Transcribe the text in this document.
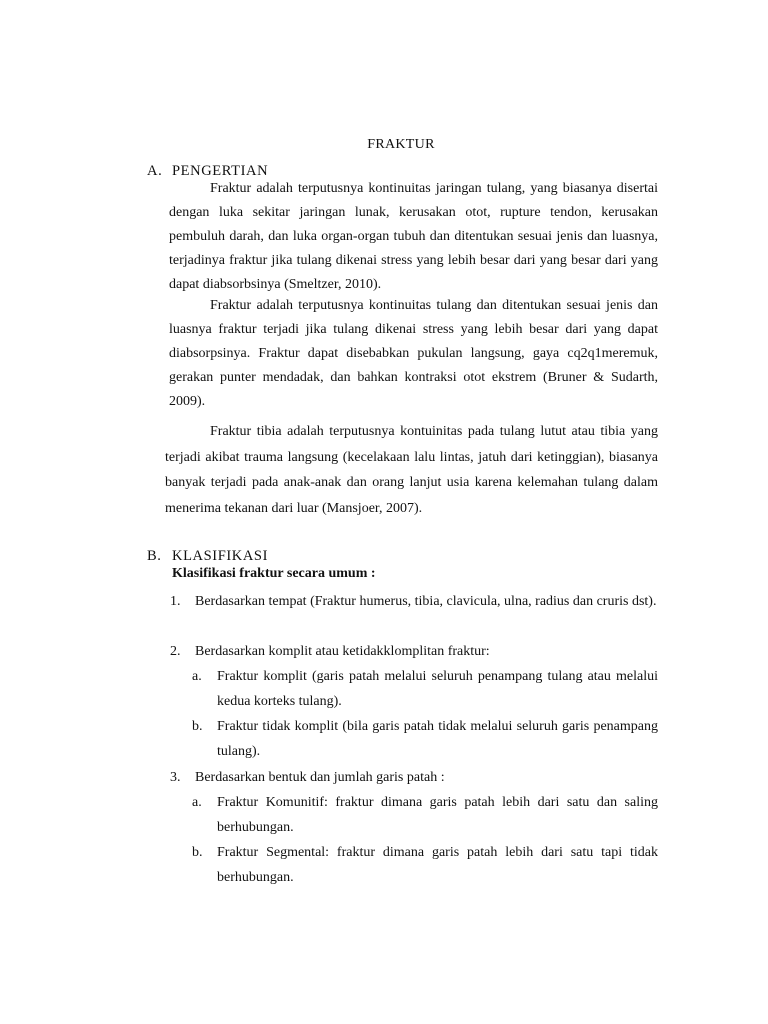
FRAKTUR
A. PENGERTIAN
Fraktur adalah terputusnya kontinuitas jaringan tulang, yang biasanya disertai dengan luka sekitar jaringan lunak, kerusakan otot, rupture tendon, kerusakan pembuluh darah, dan luka organ-organ tubuh dan ditentukan sesuai jenis dan luasnya, terjadinya fraktur jika tulang dikenai stress yang lebih besar dari yang besar dari yang dapat diabsorbsinya (Smeltzer, 2010).
Fraktur adalah terputusnya kontinuitas tulang dan ditentukan sesuai jenis dan luasnya fraktur terjadi jika tulang dikenai stress yang lebih besar dari yang dapat diabsorpsinya. Fraktur dapat disebabkan pukulan langsung, gaya cq2q1meremuk, gerakan punter mendadak, dan bahkan kontraksi otot ekstrem (Bruner & Sudarth, 2009).
Fraktur tibia adalah terputusnya kontuinitas pada tulang lutut atau tibia yang terjadi akibat trauma langsung (kecelakaan lalu lintas, jatuh dari ketinggian), biasanya banyak terjadi pada anak-anak dan orang lanjut usia karena kelemahan tulang dalam menerima tekanan dari luar (Mansjoer, 2007).
B. KLASIFIKASI
Klasifikasi fraktur secara umum :
1. Berdasarkan tempat (Fraktur humerus, tibia, clavicula, ulna, radius dan cruris dst).
2. Berdasarkan komplit atau ketidakklomplitan fraktur:
a. Fraktur komplit (garis patah melalui seluruh penampang tulang atau melalui kedua korteks tulang).
b. Fraktur tidak komplit (bila garis patah tidak melalui seluruh garis penampang tulang).
3. Berdasarkan bentuk dan jumlah garis patah :
a. Fraktur Komunitif: fraktur dimana garis patah lebih dari satu dan saling berhubungan.
b. Fraktur Segmental: fraktur dimana garis patah lebih dari satu tapi tidak berhubungan.
